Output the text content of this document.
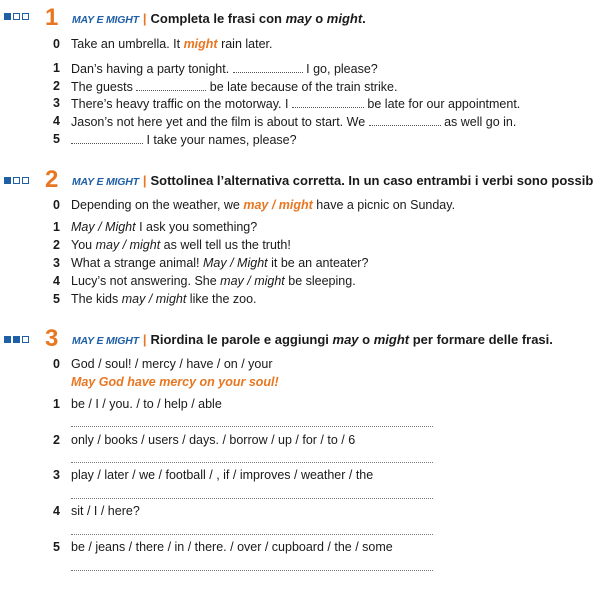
1 MAY E MIGHT | Completa le frasi con may o might.
0 Take an umbrella. It might rain later.
1 Dan’s having a party tonight.	I go, please?
2 The guests	be late because of the train strike.
3 There’s heavy traffic on the motorway. I	be late for our appointment.
4 Jason’s not here yet and the film is about to start. We	as well go in.
5	I take your names, please?
2 MAY E MIGHT | Sottolinea l’alternativa corretta. In un caso entrambi i verbi sono possib
0 Depending on the weather, we may / might have a picnic on Sunday.
1 May / Might I ask you something?
2 You may / might as well tell us the truth!
3 What a strange animal! May / Might it be an anteater?
4 Lucy’s not answering. She may / might be sleeping.
5 The kids may / might like the zoo.
3 MAY E MIGHT | Riordina le parole e aggiungi may o might per formare delle frasi.
0 God / soul! / mercy / have / on / your
May God have mercy on your soul!
1 be / I / you. / to / help / able
2 only / books / users / days. / borrow / up / for / to / 6
3 play / later / we / football / , if / improves / weather / the
4 sit / I / here?
5 be / jeans / there / in / there. / over / cupboard / the / some
